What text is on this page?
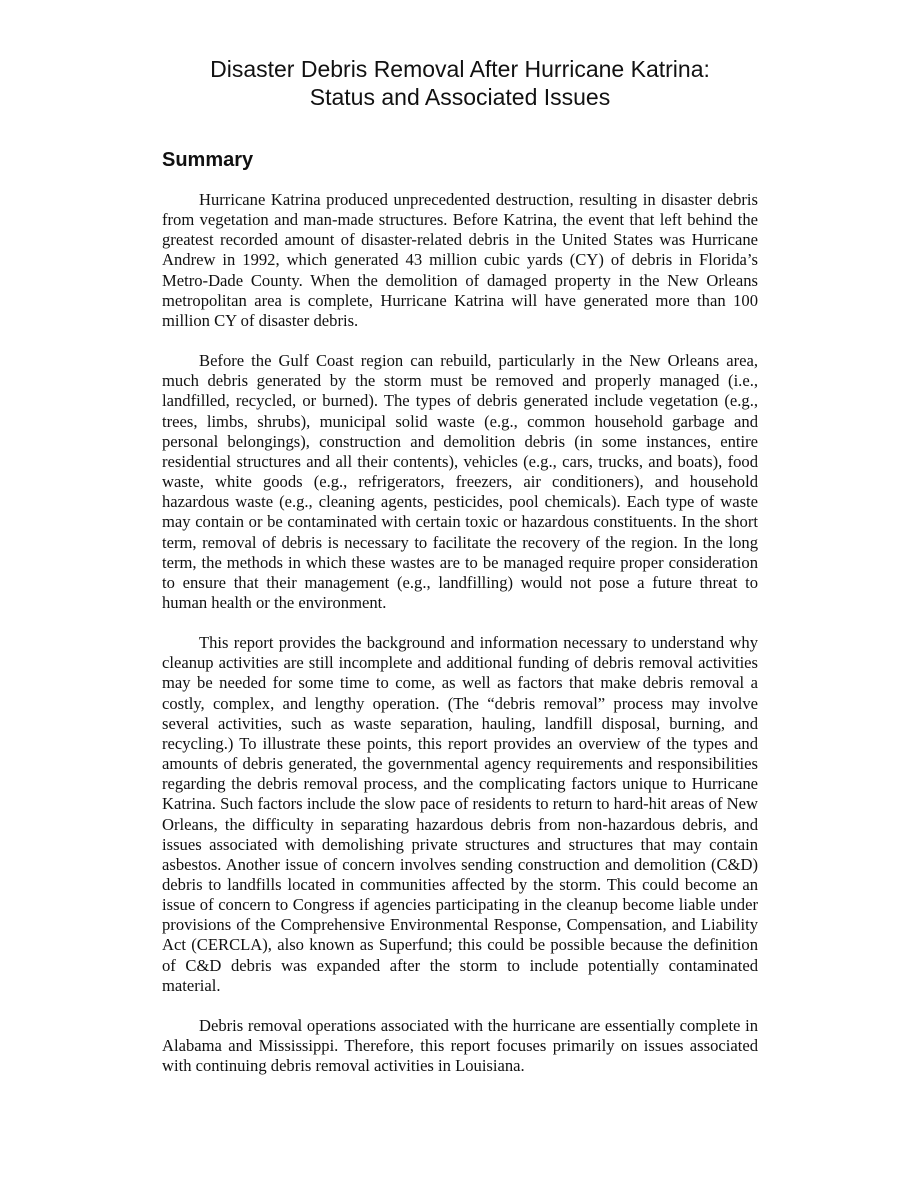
Disaster Debris Removal After Hurricane Katrina:
Status and Associated Issues
Summary

Hurricane Katrina produced unprecedented destruction, resulting in disaster debris from vegetation and man-made structures. Before Katrina, the event that left behind the greatest recorded amount of disaster-related debris in the United States was Hurricane Andrew in 1992, which generated 43 million cubic yards (CY) of debris in Florida’s Metro-Dade County. When the demolition of damaged property in the New Orleans metropolitan area is complete, Hurricane Katrina will have generated more than 100 million CY of disaster debris.

Before the Gulf Coast region can rebuild, particularly in the New Orleans area, much debris generated by the storm must be removed and properly managed (i.e., landfilled, recycled, or burned). The types of debris generated include vegetation (e.g., trees, limbs, shrubs), municipal solid waste (e.g., common household garbage and personal belongings), construction and demolition debris (in some instances, entire residential structures and all their contents), vehicles (e.g., cars, trucks, and boats), food waste, white goods (e.g., refrigerators, freezers, air conditioners), and household hazardous waste (e.g., cleaning agents, pesticides, pool chemicals). Each type of waste may contain or be contaminated with certain toxic or hazardous constituents. In the short term, removal of debris is necessary to facilitate the recovery of the region. In the long term, the methods in which these wastes are to be managed require proper consideration to ensure that their management (e.g., landfilling) would not pose a future threat to human health or the environment.

This report provides the background and information necessary to understand why cleanup activities are still incomplete and additional funding of debris removal activities may be needed for some time to come, as well as factors that make debris removal a costly, complex, and lengthy operation. (The “debris removal” process may involve several activities, such as waste separation, hauling, landfill disposal, burning, and recycling.) To illustrate these points, this report provides an overview of the types and amounts of debris generated, the governmental agency requirements and responsibilities regarding the debris removal process, and the complicating factors unique to Hurricane Katrina. Such factors include the slow pace of residents to return to hard-hit areas of New Orleans, the difficulty in separating hazardous debris from non-hazardous debris, and issues associated with demolishing private structures and structures that may contain asbestos. Another issue of concern involves sending construction and demolition (C&D) debris to landfills located in communities affected by the storm. This could become an issue of concern to Congress if agencies participating in the cleanup become liable under provisions of the Comprehensive Environmental Response, Compensation, and Liability Act (CERCLA), also known as Superfund; this could be possible because the definition of C&D debris was expanded after the storm to include potentially contaminated material.

Debris removal operations associated with the hurricane are essentially complete in Alabama and Mississippi. Therefore, this report focuses primarily on issues associated with continuing debris removal activities in Louisiana.
